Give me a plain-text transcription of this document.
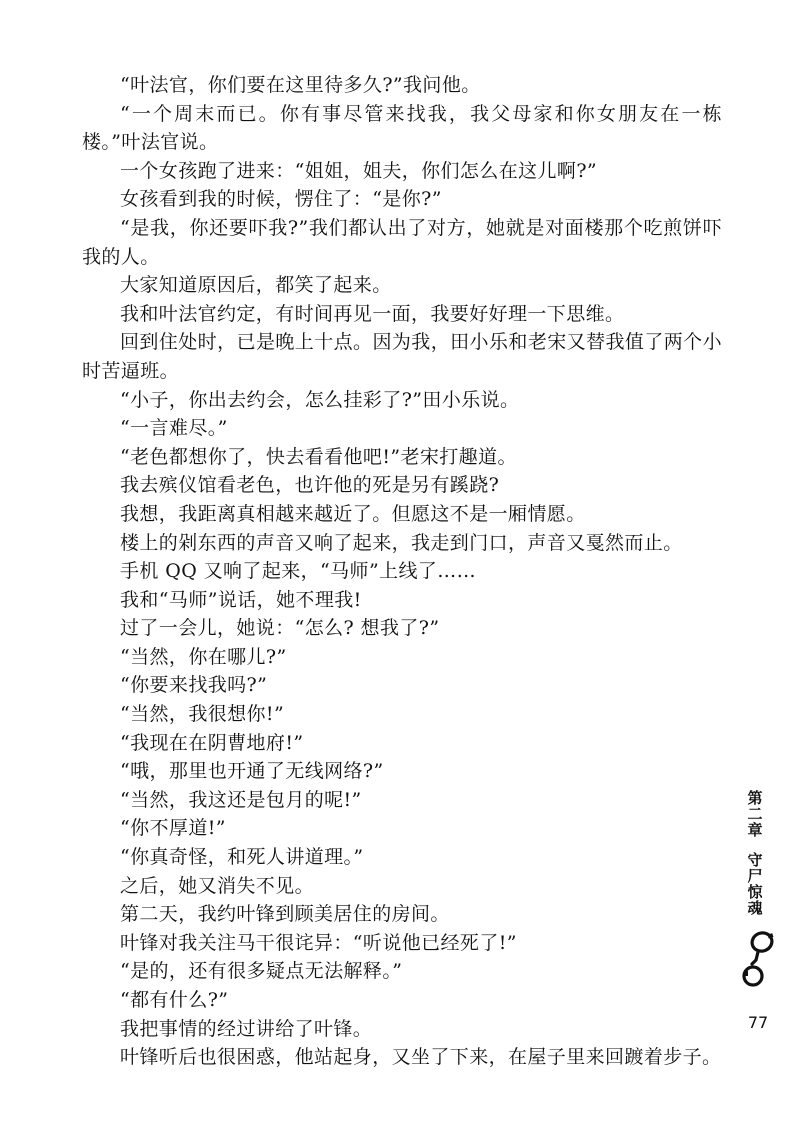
“叶法官，你们要在这里待多久?”我问他。

“一个周末而已。你有事尽管来找我，我父母家和你女朋友在一栋楼。”叶法官说。

一个女孩跑了进来：“姐姐，姐夫，你们怎么在这儿啊?”

女孩看到我的时候，愣住了：“是你?”

“是我，你还要吓我?”我们都认出了对方，她就是对面楼那个吃煎饼吓我的人。

大家知道原因后，都笑了起来。

我和叶法官约定，有时间再见一面，我要好好理一下思维。

回到住处时，已是晚上十点。因为我，田小乐和老宋又替我值了两个小时苦逼班。

“小子，你出去约会，怎么挂彩了?”田小乐说。

“一言难尽。”

“老色都想你了，快去看看他吧!”老宋打趣道。

我去殡仪馆看老色，也许他的死是另有蹊跷?

我想，我距离真相越来越近了。但愿这不是一厢情愿。

楼上的剁东西的声音又响了起来，我走到门口，声音又戛然而止。

手机 QQ 又响了起来，“马师”上线了……

我和“马师”说话，她不理我!

过了一会儿，她说：“怎么? 想我了?”

“当然，你在哪儿?”

“你要来找我吗?”

“当然，我很想你!”

“我现在在阴曹地府!”

“哦，那里也开通了无线网络?”

“当然，我这还是包月的呢!”

“你不厚道!”

“你真奇怪，和死人讲道理。”

之后，她又消失不见。

第二天，我约叶锋到顾美居住的房间。

叶锋对我关注马干很诧异：“听说他已经死了!”

“是的，还有很多疑点无法解释。”

“都有什么?”

我把事情的经过讲给了叶锋。

叶锋听后也很困惑，他站起身，又坐了下来，在屋子里来回踱着步子。

第二章守尸惊魂
77
